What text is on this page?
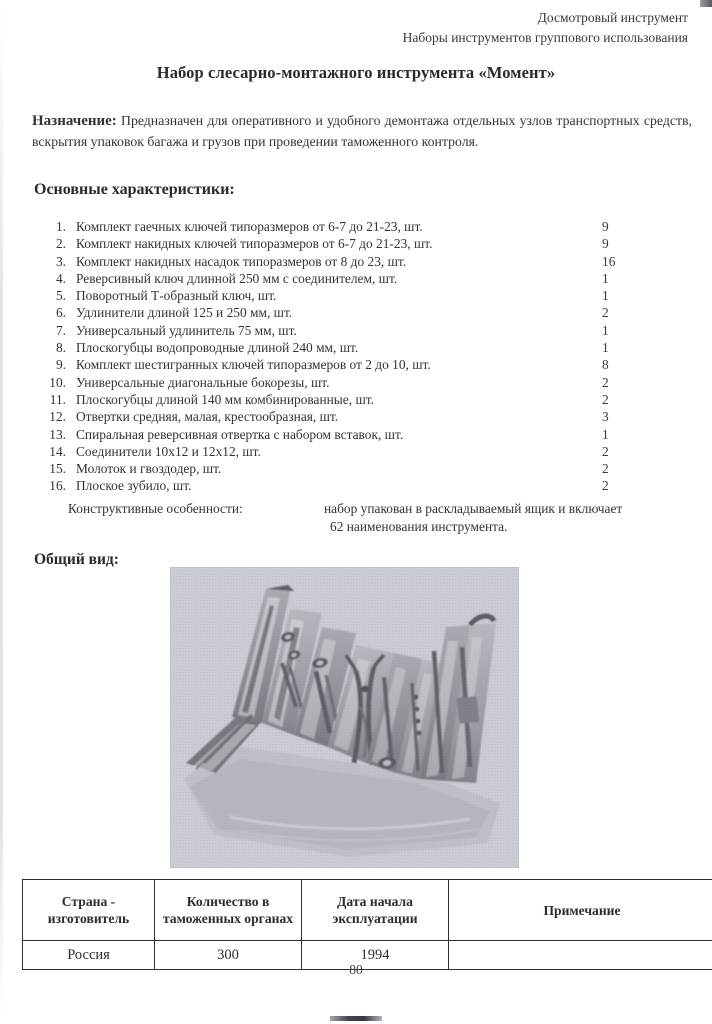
Досмотровый инструмент
Наборы инструментов группового использования
Набор слесарно-монтажного инструмента «Момент»
Назначение: Предназначен для оперативного и удобного демонтажа отдельных узлов транспортных средств, вскрытия упаковок багажа и грузов при проведении таможенного контроля.
Основные характеристики:
1. Комплект гаечных ключей типоразмеров от 6-7 до 21-23, шт.	9
2. Комплект накидных ключей типоразмеров от 6-7 до 21-23, шт.	9
3. Комплект накидных насадок типоразмеров от 8 до 23, шт.	16
4. Реверсивный ключ длинной 250 мм с соединителем, шт.	1
5. Поворотный Т-образный ключ, шт.	1
6. Удлинители длиной 125 и 250 мм, шт.	2
7. Универсальный удлинитель 75 мм, шт.	1
8. Плоскогубцы водопроводные длиной 240 мм, шт.	1
9. Комплект шестигранных ключей типоразмеров от 2 до 10, шт.	8
10. Универсальные диагональные бокорезы, шт.	2
11. Плоскогубцы длиной 140 мм комбинированные, шт.	2
12. Отвертки средняя, малая, крестообразная, шт.	3
13. Спиральная реверсивная отвертка с набором вставок, шт.	1
14. Соединители 10х12 и 12х12, шт.	2
15. Молоток и гвоздодер, шт.	2
16. Плоское зубило, шт.	2
Конструктивные особенности:	набор упакован в раскладываемый ящик и включает
62 наименования инструмента.
Общий вид:
Страна - изготовитель	Количество в таможенных органах	Дата начала эксплуатации	Примечание
Россия	300	1994	
80
